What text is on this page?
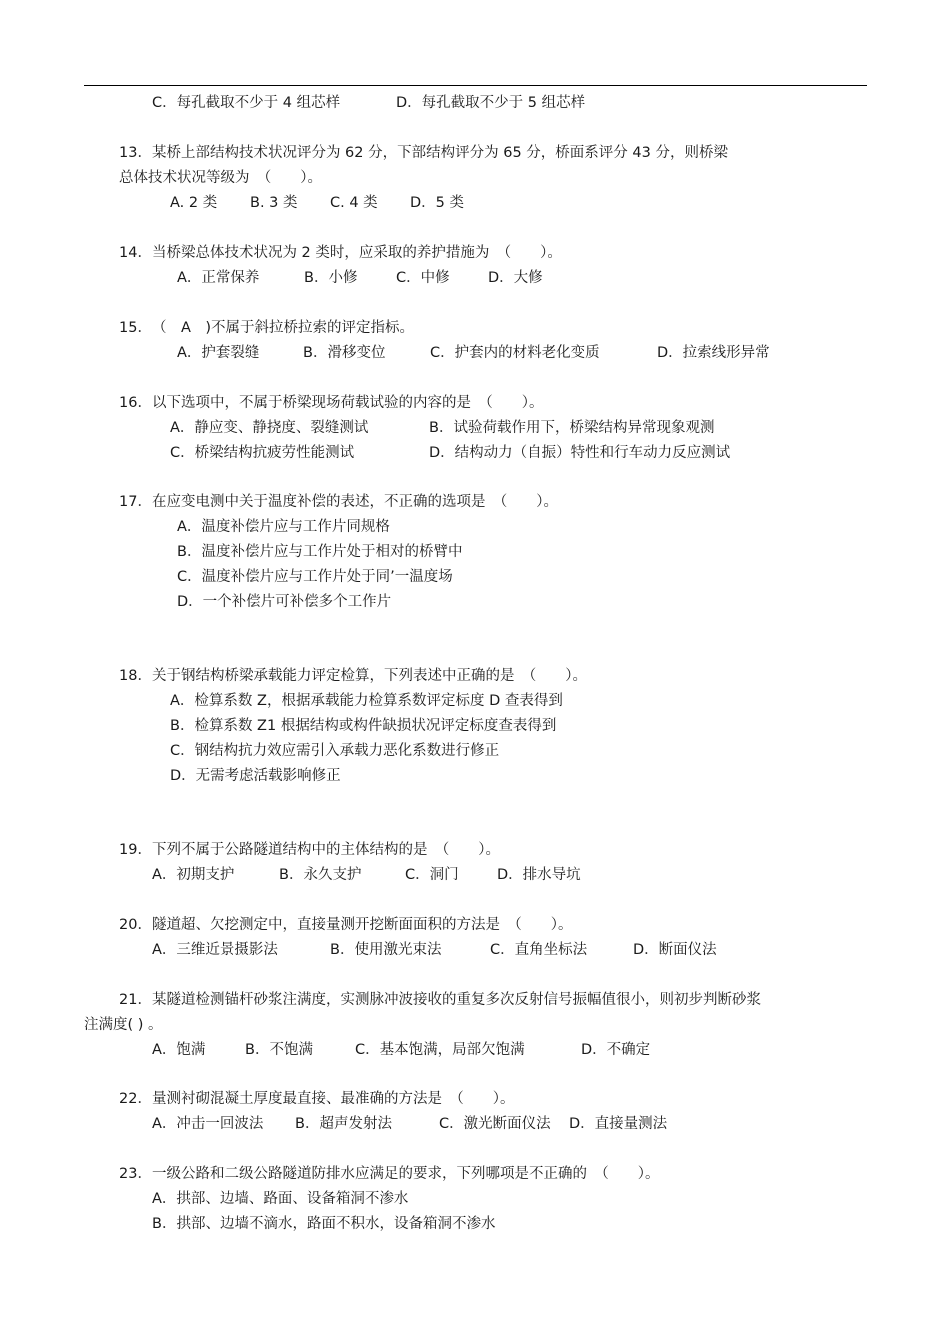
C．每孔截取不少于 4 组芯样	D．每孔截取不少于 5 组芯样
13．某桥上部结构技术状况评分为 62 分，下部结构评分为 65 分，桥面系评分 43 分，则桥梁
总体技术状况等级为　（　　）。
A. 2 类 B. 3 类 C. 4 类 D．5 类
14．当桥梁总体技术状况为 2 类时，应采取的养护措施为　（　　）。
A．正常保养	B．小修	C．中修	D．大修
15．　（　A　)不属于斜拉桥拉索的评定指标。
A．护套裂缝	B．滑移变位	C．护套内的材料老化变质	D．拉索线形异常
16．以下选项中，不属于桥梁现场荷载试验的内容的是　（　　）。
A．静应变、静挠度、裂缝测试	B．试验荷载作用下，桥梁结构异常现象观测
C．桥梁结构抗疲劳性能测试	D．结构动力（自振）特性和行车动力反应测试
17．在应变电测中关于温度补偿的表述，不正确的选项是　（　　）。
A．温度补偿片应与工作片同规格
B．温度补偿片应与工作片处于相对的桥臂中
C．温度补偿片应与工作片处于同’一温度场
D．一个补偿片可补偿多个工作片
18．关于钢结构桥梁承载能力评定检算，下列表述中正确的是　（　　）。
A．检算系数 Z，根据承载能力检算系数评定标度 D 查表得到
B．检算系数 Z1 根据结构或构件缺损状况评定标度查表得到
C．钢结构抗力效应需引入承载力恶化系数进行修正
D．无需考虑活载影响修正
19．下列不属于公路隧道结构中的主体结构的是　（　　）。
A．初期支护	B．永久支护	C．洞门	D．排水导坑
20．隧道超、欠挖测定中，直接量测开挖断面面积的方法是　（　　）。
A．三维近景摄影法	B．使用激光束法	C．直角坐标法	D．断面仪法
21．某隧道检测锚杆砂浆注满度，实测脉冲波接收的重复多次反射信号振幅值很小，则初步判断砂浆
注满度( ) 。
A．饱满	B．不饱满	C．基本饱满，局部欠饱满	D．不确定
22．量测衬砌混凝土厚度最直接、最准确的方法是　（　　）。
A．冲击一回波法 B．超声发射法	C．激光断面仪法 D．直接量测法
23．一级公路和二级公路隧道防排水应满足的要求，下列哪项是不正确的　（　　）。
A．拱部、边墙、路面、设备箱洞不渗水
B．拱部、边墙不滴水，路面不积水，设备箱洞不渗水
